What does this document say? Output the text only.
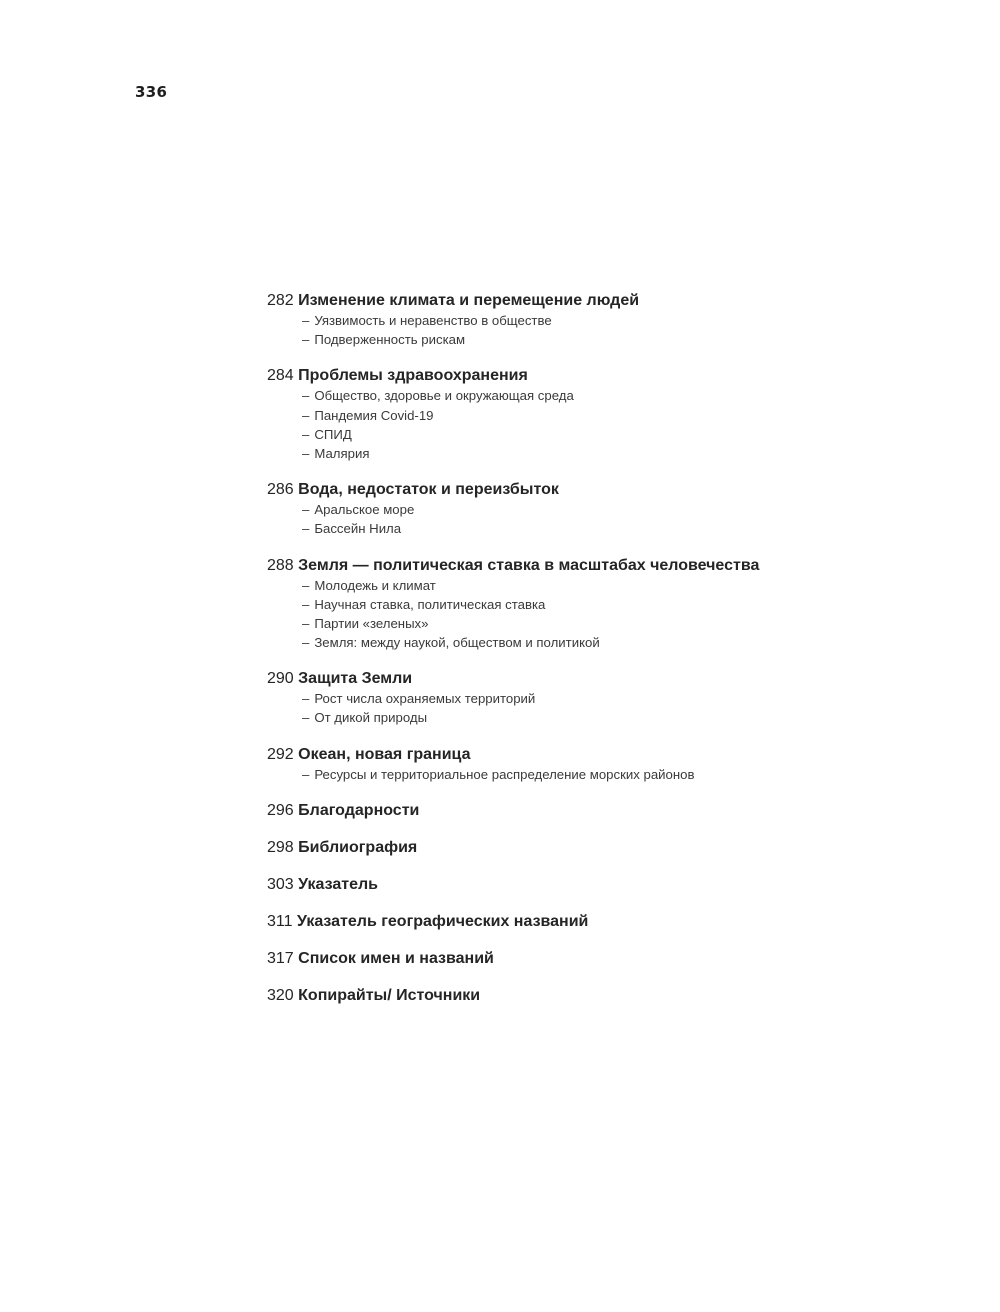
336
282 Изменение климата и перемещение людей
– Уязвимость и неравенство в обществе
– Подверженность рискам
284 Проблемы здравоохранения
– Общество, здоровье и окружающая среда
– Пандемия Covid-19
– СПИД
– Малярия
286 Вода, недостаток и переизбыток
– Аральское море
– Бассейн Нила
288 Земля — политическая ставка в масштабах человечества
– Молодежь и климат
– Научная ставка, политическая ставка
– Партии «зеленых»
– Земля: между наукой, обществом и политикой
290 Защита Земли
– Рост числа охраняемых территорий
– От дикой природы
292 Океан, новая граница
– Ресурсы и территориальное распределение морских районов
296 Благодарности
298 Библиография
303 Указатель
311 Указатель географических названий
317 Список имен и названий
320 Копирайты/ Источники
